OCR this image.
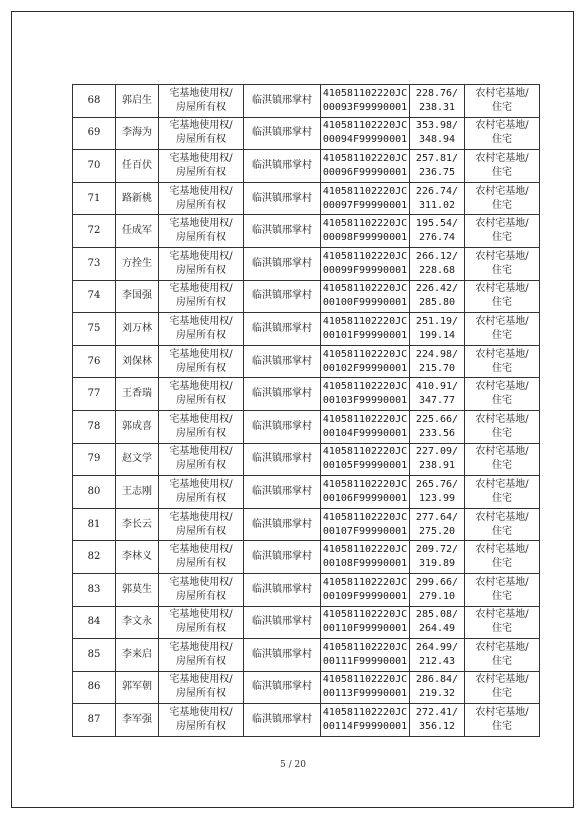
68	郭启生	宅基地使用权/
房屋所有权	临淇镇邢掌村	410581102220JC
00093F99990001	228.76/
238.31	农村宅基地/
住宅

69	李海为	宅基地使用权/
房屋所有权	临淇镇邢掌村	410581102220JC
00094F99990001	353.98/
348.94	农村宅基地/
住宅

70	任百伏	宅基地使用权/
房屋所有权	临淇镇邢掌村	410581102220JC
00096F99990001	257.81/
236.75	农村宅基地/
住宅

71	路新桃	宅基地使用权/
房屋所有权	临淇镇邢掌村	410581102220JC
00097F99990001	226.74/
311.02	农村宅基地/
住宅

72	任成军	宅基地使用权/
房屋所有权	临淇镇邢掌村	410581102220JC
00098F99990001	195.54/
276.74	农村宅基地/
住宅

73	方拴生	宅基地使用权/
房屋所有权	临淇镇邢掌村	410581102220JC
00099F99990001	266.12/
228.68	农村宅基地/
住宅

74	李国强	宅基地使用权/
房屋所有权	临淇镇邢掌村	410581102220JC
00100F99990001	226.42/
285.80	农村宅基地/
住宅

75	刘万林	宅基地使用权/
房屋所有权	临淇镇邢掌村	410581102220JC
00101F99990001	251.19/
199.14	农村宅基地/
住宅

76	刘保林	宅基地使用权/
房屋所有权	临淇镇邢掌村	410581102220JC
00102F99990001	224.98/
215.70	农村宅基地/
住宅

77	王香瑞	宅基地使用权/
房屋所有权	临淇镇邢掌村	410581102220JC
00103F99990001	410.91/
347.77	农村宅基地/
住宅

78	郭成喜	宅基地使用权/
房屋所有权	临淇镇邢掌村	410581102220JC
00104F99990001	225.66/
233.56	农村宅基地/
住宅

79	赵文学	宅基地使用权/
房屋所有权	临淇镇邢掌村	410581102220JC
00105F99990001	227.09/
238.91	农村宅基地/
住宅

80	王志刚	宅基地使用权/
房屋所有权	临淇镇邢掌村	410581102220JC
00106F99990001	265.76/
123.99	农村宅基地/
住宅

81	李长云	宅基地使用权/
房屋所有权	临淇镇邢掌村	410581102220JC
00107F99990001	277.64/
275.20	农村宅基地/
住宅

82	李林义	宅基地使用权/
房屋所有权	临淇镇邢掌村	410581102220JC
00108F99990001	209.72/
319.89	农村宅基地/
住宅

83	郭莫生	宅基地使用权/
房屋所有权	临淇镇邢掌村	410581102220JC
00109F99990001	299.66/
279.10	农村宅基地/
住宅

84	李文永	宅基地使用权/
房屋所有权	临淇镇邢掌村	410581102220JC
00110F99990001	285.08/
264.49	农村宅基地/
住宅

85	李来启	宅基地使用权/
房屋所有权	临淇镇邢掌村	410581102220JC
00111F99990001	264.99/
212.43	农村宅基地/
住宅

86	郭军朝	宅基地使用权/
房屋所有权	临淇镇邢掌村	410581102220JC
00113F99990001	286.84/
219.32	农村宅基地/
住宅

87	李军强	宅基地使用权/
房屋所有权	临淇镇邢掌村	410581102220JC
00114F99990001	272.41/
356.12	农村宅基地/
住宅
5 / 20
